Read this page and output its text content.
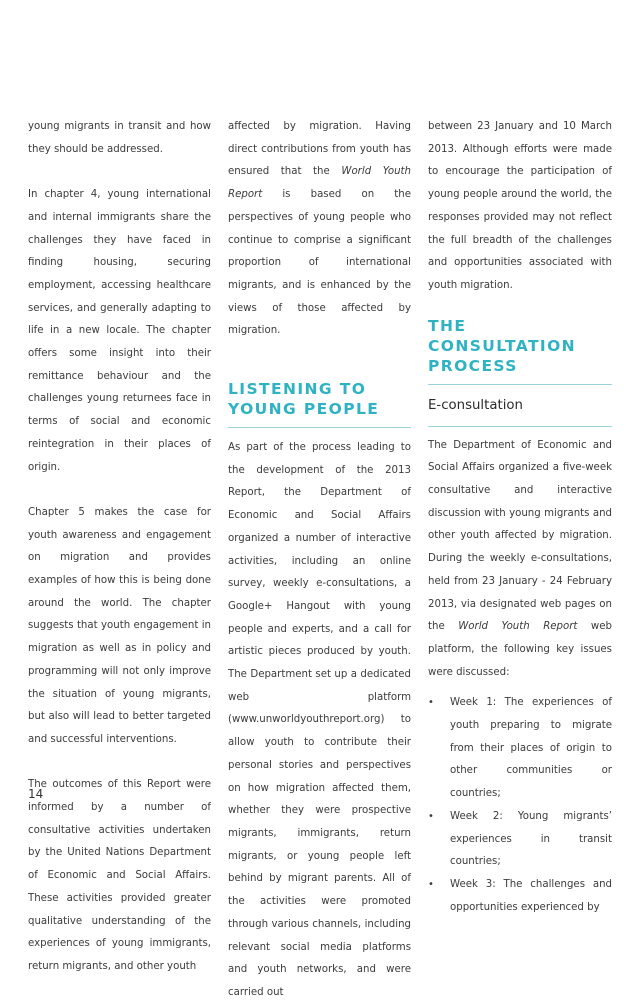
young migrants in transit and how they should be addressed.

In chapter 4, young international and internal immigrants share the challenges they have faced in finding housing, securing employment, accessing healthcare services, and generally adapting to life in a new locale. The chapter offers some insight into their remittance behaviour and the challenges young returnees face in terms of social and economic reintegration in their places of origin.

Chapter 5 makes the case for youth awareness and engagement on migration and provides examples of how this is being done around the world. The chapter suggests that youth engagement in migration as well as in policy and programming will not only improve the situation of young migrants, but also will lead to better targeted and successful interventions.

The outcomes of this Report were informed by a number of consultative activities undertaken by the United Nations Department of Economic and Social Affairs. These activities provided greater qualitative understanding of the experiences of young immigrants, return migrants, and other youth

affected by migration. Having direct contributions from youth has ensured that the World Youth Report is based on the perspectives of young people who continue to comprise a significant proportion of international migrants, and is enhanced by the views of those affected by migration.

LISTENING TO
YOUNG PEOPLE

As part of the process leading to the development of the 2013 Report, the Department of Economic and Social Affairs organized a number of interactive activities, including an online survey, weekly e-consultations, a Google+ Hangout with young people and experts, and a call for artistic pieces produced by youth. The Department set up a dedicated web platform (www.unworldyouthreport.org) to allow youth to contribute their personal stories and perspectives on how migration affected them, whether they were prospective migrants, immigrants, return migrants, or young people left behind by migrant parents. All of the activities were promoted through various channels, including relevant social media platforms and youth networks, and were carried out

between 23 January and 10 March 2013. Although efforts were made to encourage the participation of young people around the world, the responses provided may not reflect the full breadth of the challenges and opportunities associated with youth migration.

THE
CONSULTATION
PROCESS

E-consultation

The Department of Economic and Social Affairs organized a five-week consultative and interactive discussion with young migrants and other youth affected by migration. During the weekly e-consultations, held from 23 January - 24 February 2013, via designated web pages on the World Youth Report web platform, the following key issues were discussed:

• Week 1: The experiences of youth preparing to migrate from their places of origin to other communities or countries;
• Week 2: Young migrants’ experiences in transit countries;
• Week 3: The challenges and opportunities experienced by
14
